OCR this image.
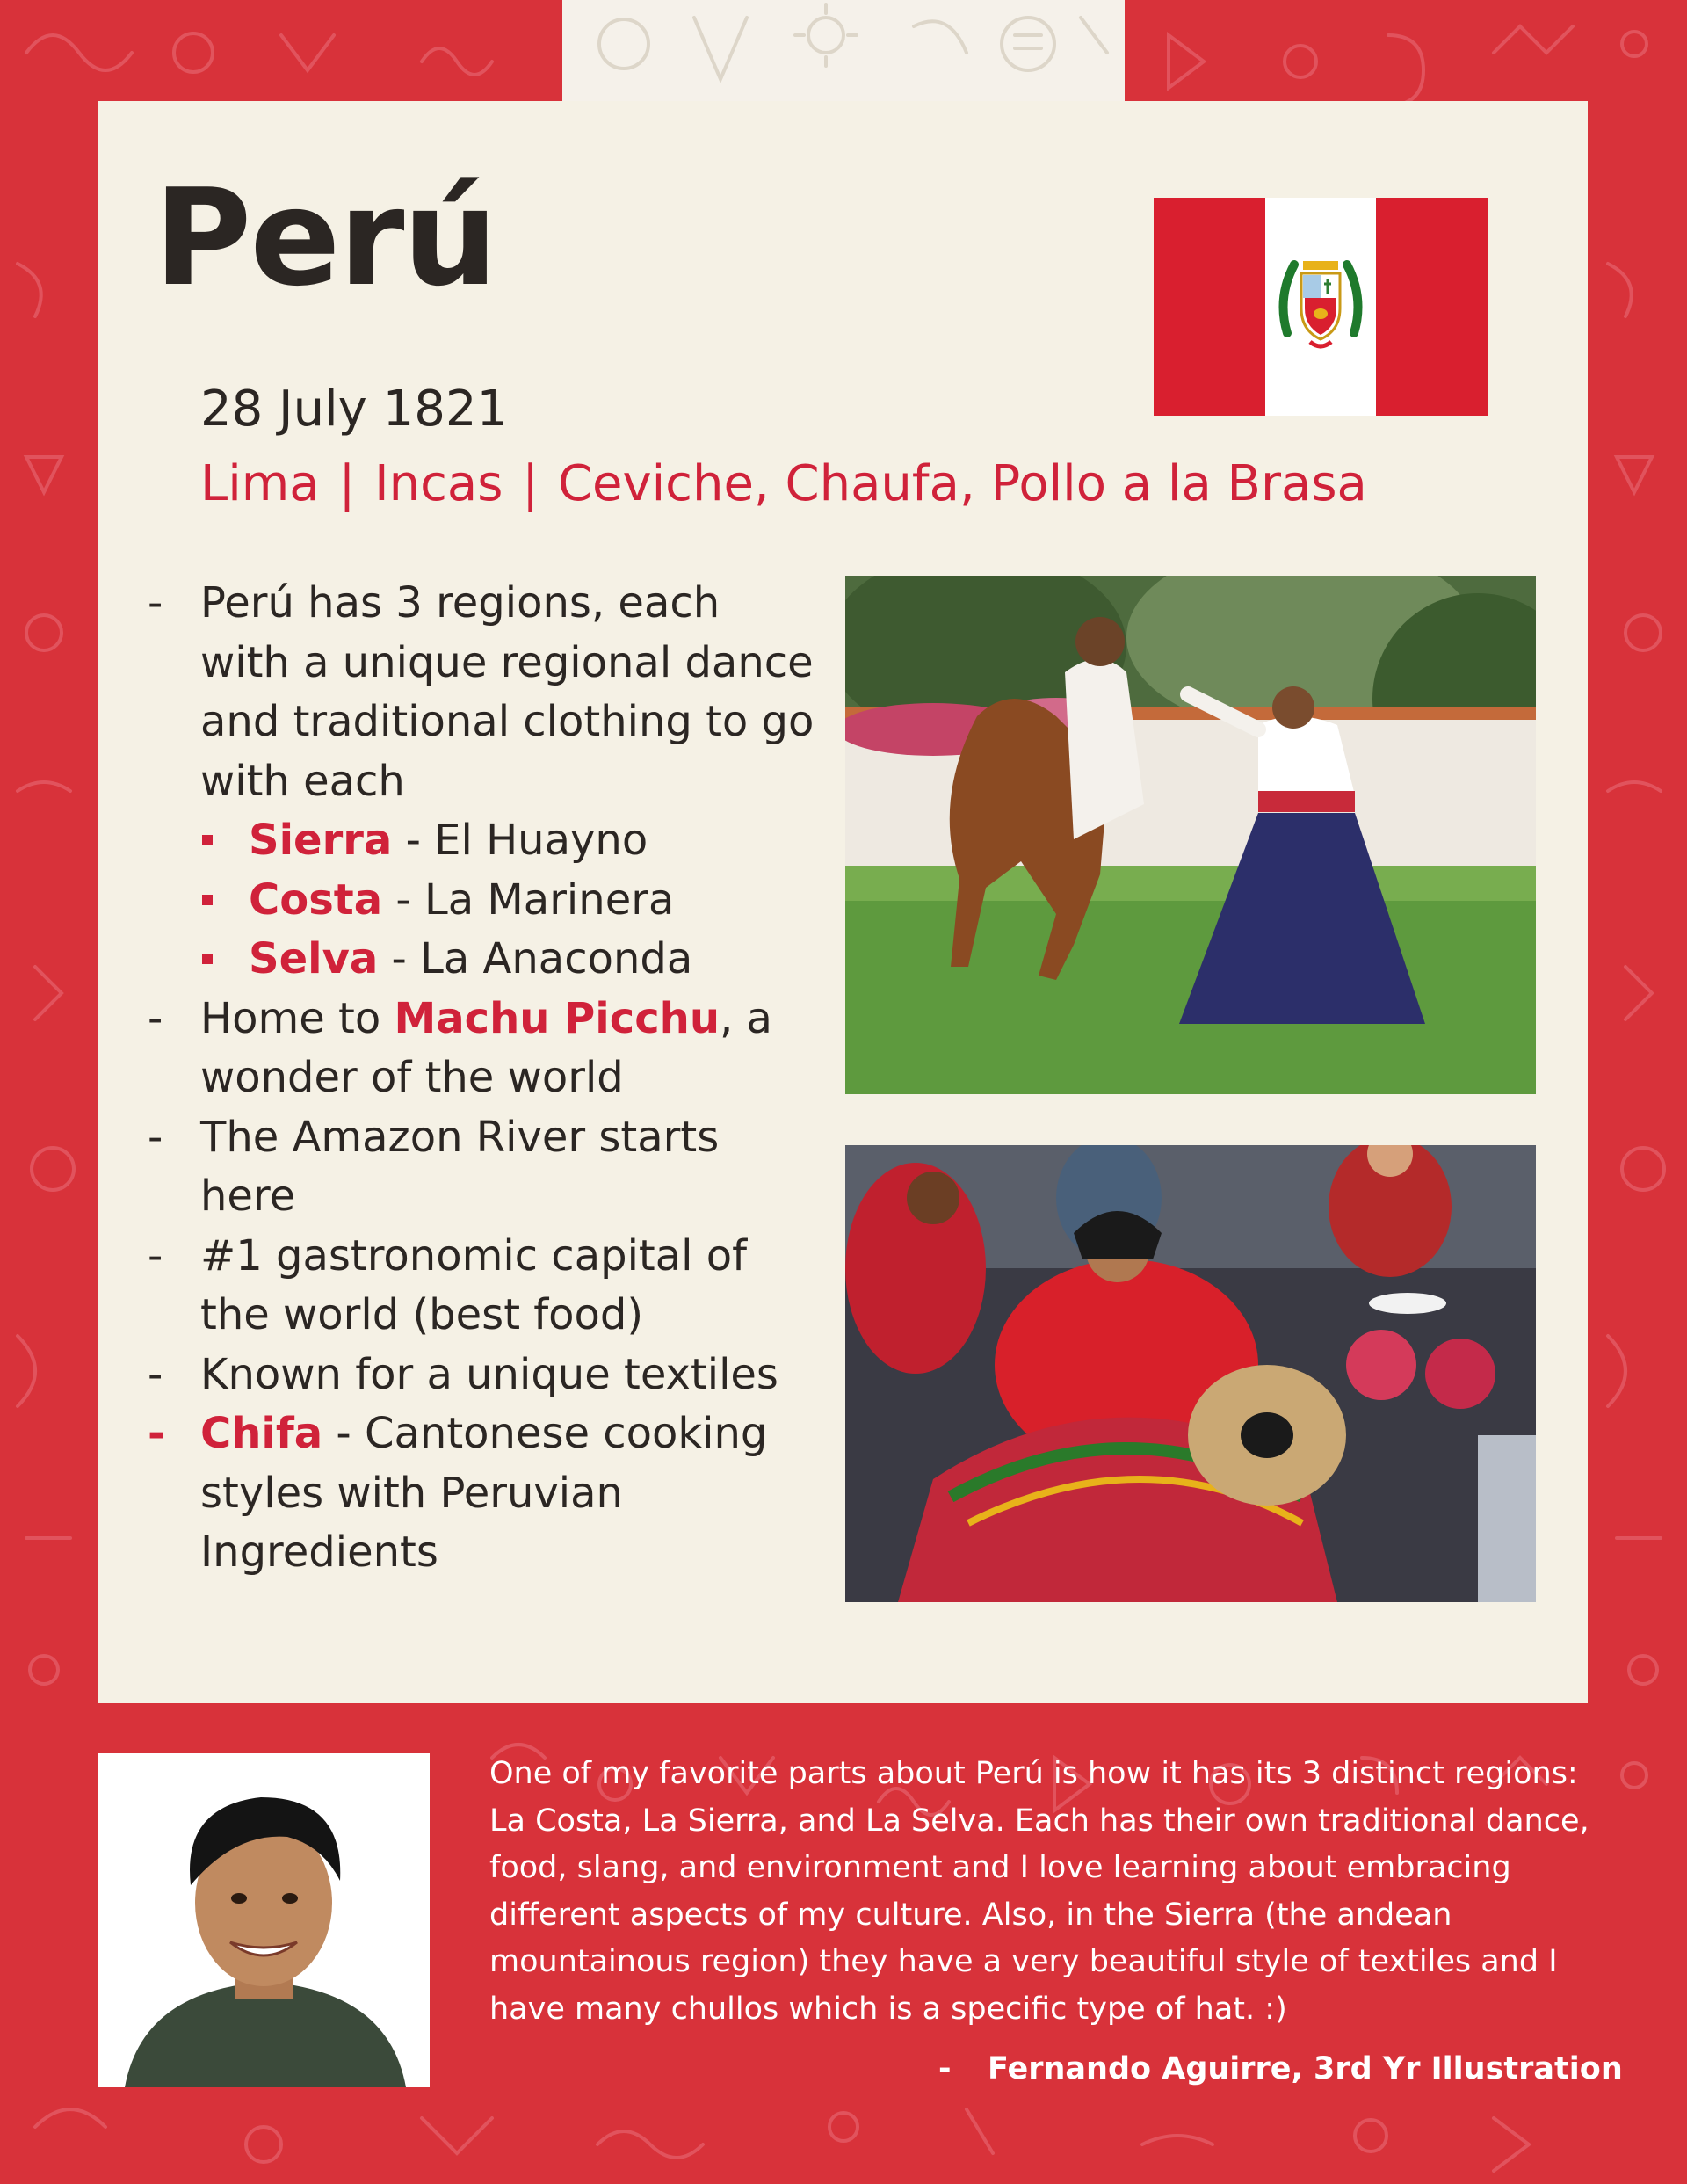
Perú
28 July 1821
Lima | Incas | Ceviche, Chaufa, Pollo a la Brasa
- Perú has 3 regions, each with a unique regional dance and traditional clothing to go with each
Sierra - El Huayno
Costa - La Marinera
Selva - La Anaconda
- Home to Machu Picchu, a wonder of the world
- The Amazon River starts here
- #1 gastronomic capital of the world (best food)
- Known for a unique textiles
- Chifa - Cantonese cooking styles with Peruvian Ingredients
One of my favorite parts about Perú is how it has its 3 distinct regions: La Costa, La Sierra, and La Selva. Each has their own traditional dance, food, slang, and environment and I love learning about embracing different aspects of my culture. Also, in the Sierra (the andean mountainous region) they have a very beautiful style of textiles and I have many chullos which is a specific type of hat. :)
- Fernando Aguirre, 3rd Yr Illustration
